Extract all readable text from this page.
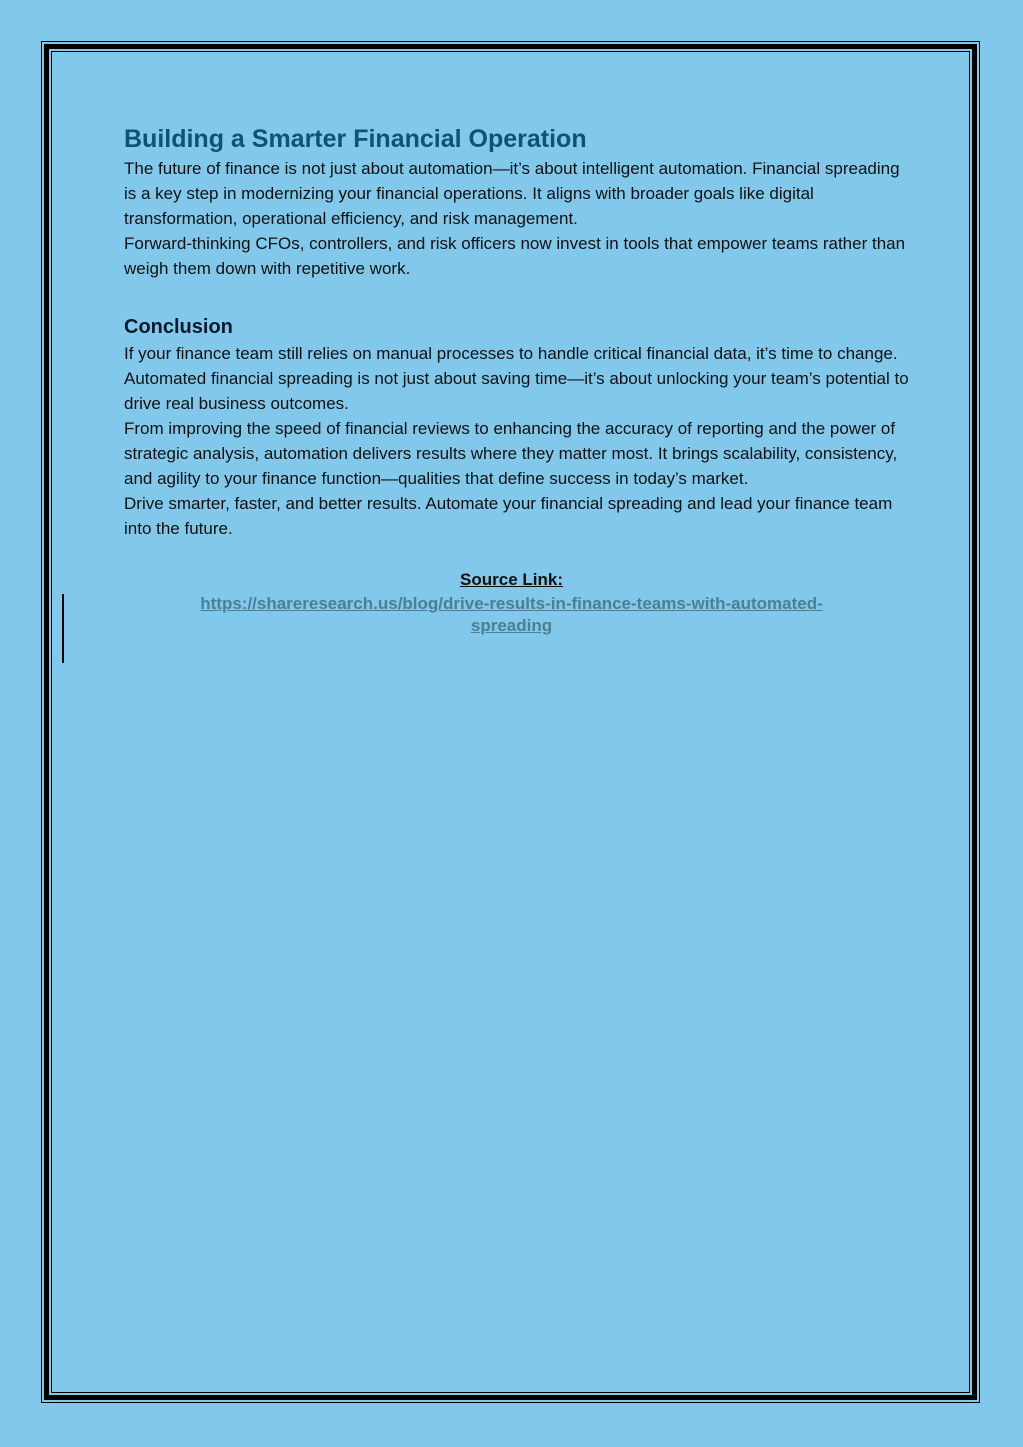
Building a Smarter Financial Operation

The future of finance is not just about automation—it’s about intelligent automation. Financial spreading is a key step in modernizing your financial operations. It aligns with broader goals like digital transformation, operational efficiency, and risk management.

Forward-thinking CFOs, controllers, and risk officers now invest in tools that empower teams rather than weigh them down with repetitive work.

Conclusion

If your finance team still relies on manual processes to handle critical financial data, it’s time to change. Automated financial spreading is not just about saving time—it’s about unlocking your team’s potential to drive real business outcomes.

From improving the speed of financial reviews to enhancing the accuracy of reporting and the power of strategic analysis, automation delivers results where they matter most. It brings scalability, consistency, and agility to your finance function—qualities that define success in today’s market.

Drive smarter, faster, and better results. Automate your financial spreading and lead your finance team into the future.

Source Link:
https://shareresearch.us/blog/drive-results-in-finance-teams-with-automated-spreading
